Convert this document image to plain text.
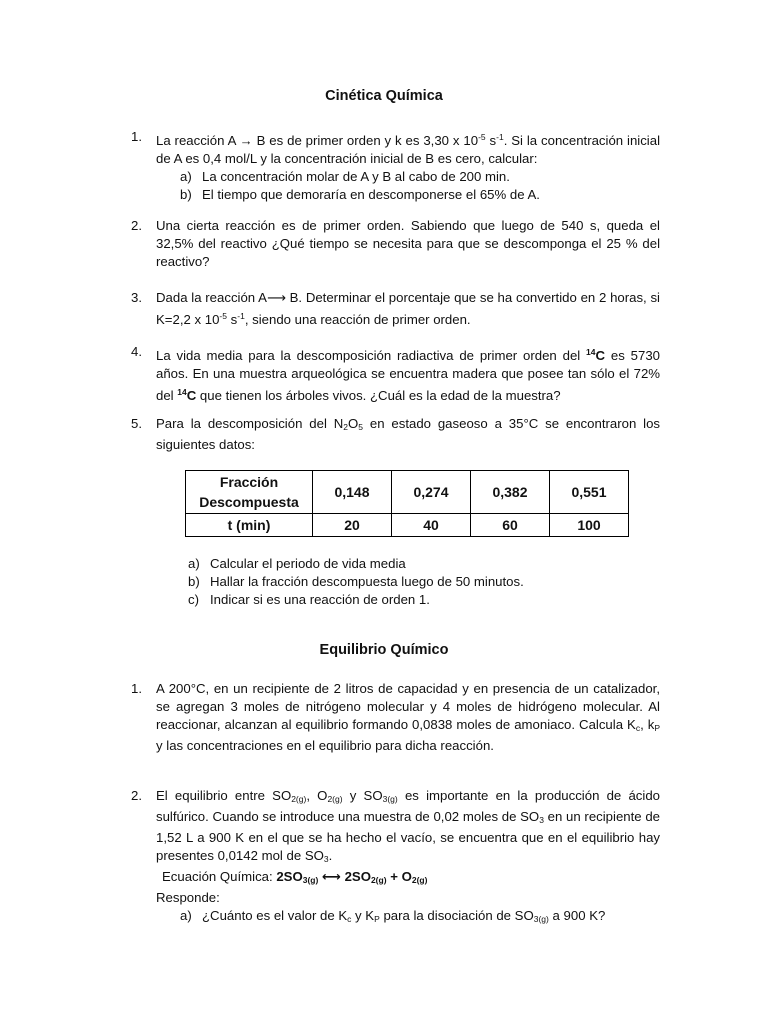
Cinética Química
1. La reacción A → B es de primer orden y k es 3,30 x $10^{-5}$ $s^{-1}$. Si la concentración inicial de A es 0,4 mol/L y la concentración inicial de B es cero, calcular:
a) La concentración molar de A y B al cabo de 200 min.
b) El tiempo que demoraría en descomponerse el 65% de A.
2. Una cierta reacción es de primer orden. Sabiendo que luego de 540 s, queda el 32,5% del reactivo ¿Qué tiempo se necesita para que se descomponga el 25 % del reactivo?
3. Dada la reacción A⟶ B. Determinar el porcentaje que se ha convertido en 2 horas, si K=2,2 x $10^{-5}$ $s^{-1}$, siendo una reacción de primer orden.
4. La vida media para la descomposición radiactiva de primer orden del $^{14}$C es 5730 años. En una muestra arqueológica se encuentra madera que posee tan sólo el 72% del $^{14}$C que tienen los árboles vivos. ¿Cuál es la edad de la muestra?
5. Para la descomposición del $N_2O_5$ en estado gaseoso a 35°C se encontraron los siguientes datos:
Fracción
Descompuesta	0,148	0,274	0,382	0,551
t (min)	20	40	60	100
a) Calcular el periodo de vida media
b) Hallar la fracción descompuesta luego de 50 minutos.
c) Indicar si es una reacción de orden 1.
Equilibrio Químico
1. A 200°C, en un recipiente de 2 litros de capacidad y en presencia de un catalizador, se agregan 3 moles de nitrógeno molecular y 4 moles de hidrógeno molecular. Al reaccionar, alcanzan al equilibrio formando 0,0838 moles de amoniaco. Calcula $K_c$, $k_P$ y las concentraciones en el equilibrio para dicha reacción.
2. El equilibrio entre $SO_{2(g)}$, $O_{2(g)}$ y $SO_{3(g)}$ es importante en la producción de ácido sulfúrico. Cuando se introduce una muestra de 0,02 moles de $SO_3$ en un recipiente de 1,52 L a 900 K en el que se ha hecho el vacío, se encuentra que en el equilibrio hay presentes 0,0142 mol de $SO_3$.
Ecuación Química: $2SO_{3(g)}$ ⟷ $2SO_{2(g)} + O_{2(g)}$
Responde:
a) ¿Cuánto es el valor de $K_c$ y $K_P$ para la disociación de $SO_{3(g)}$ a 900 K?
